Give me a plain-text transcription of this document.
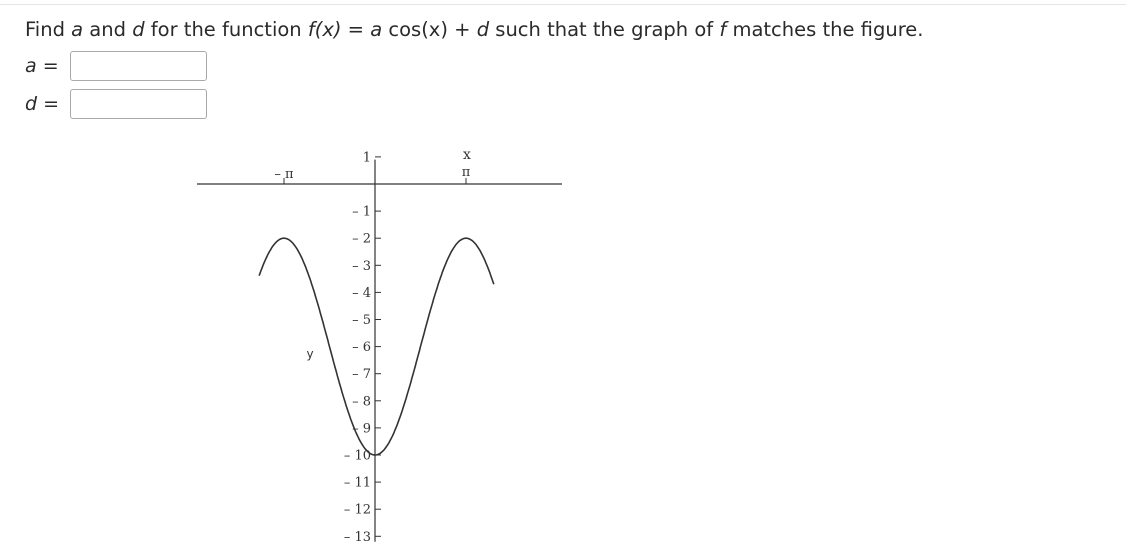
Find a and d for the function f(x) = a cos(x) + d such that the graph of f matches the figure.
a =
d =
x
y
1
– 1
– 2
– 3
– 4
– 5
– 6
– 7
– 8
– 9
– 10
– 11
– 12
– 13
– π	π
